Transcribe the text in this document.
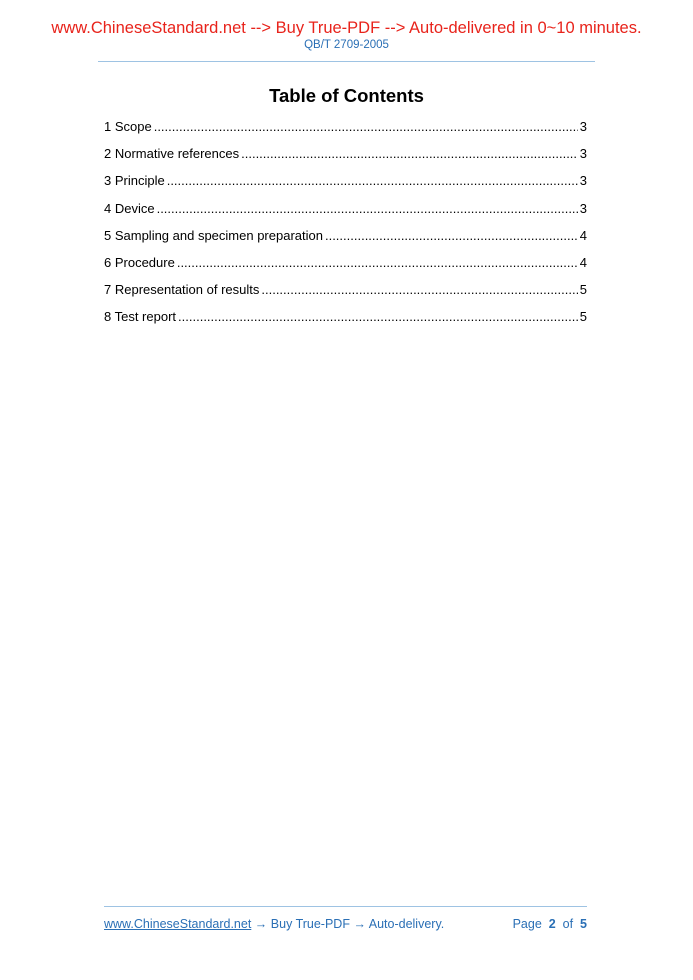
www.ChineseStandard.net --> Buy True-PDF --> Auto-delivered in 0~10 minutes.
QB/T 2709-2005
Table of Contents
1 Scope .....	3
2 Normative references .....	3
3 Principle .....	3
4 Device .....	3
5 Sampling and specimen preparation .....	4
6 Procedure .....	4
7 Representation of results .....	5
8 Test report .....	5
www.ChineseStandard.net → Buy True-PDF → Auto-delivery.	Page 2 of 5
